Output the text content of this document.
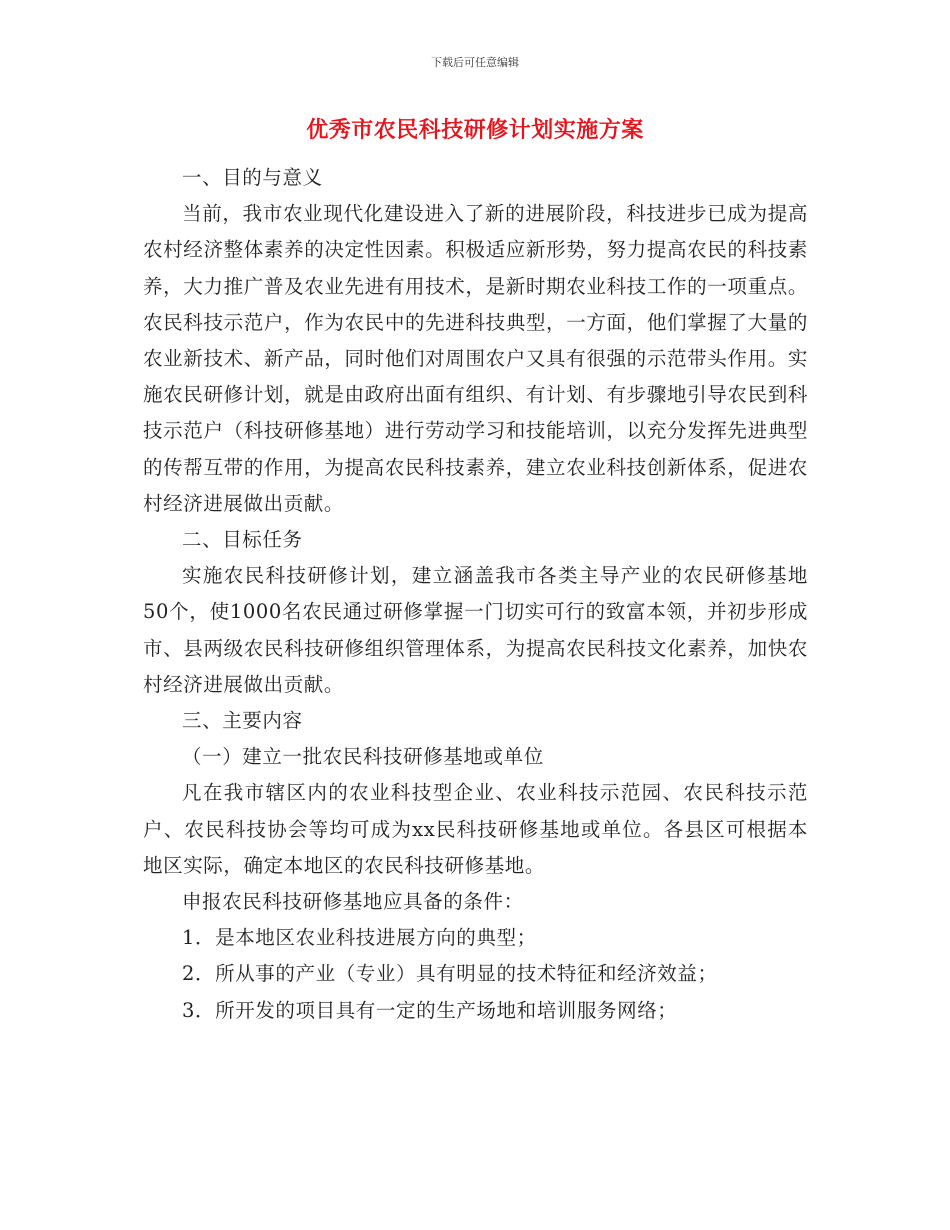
下载后可任意编辑
优秀市农民科技研修计划实施方案

一、目的与意义

当前，我市农业现代化建设进入了新的进展阶段，科技进步已成为提高农村经济整体素养的决定性因素。积极适应新形势，努力提高农民的科技素养，大力推广普及农业先进有用技术，是新时期农业科技工作的一项重点。农民科技示范户，作为农民中的先进科技典型，一方面，他们掌握了大量的农业新技术、新产品，同时他们对周围农户又具有很强的示范带头作用。实施农民研修计划，就是由政府出面有组织、有计划、有步骤地引导农民到科技示范户（科技研修基地）进行劳动学习和技能培训，以充分发挥先进典型的传帮互带的作用，为提高农民科技素养，建立农业科技创新体系，促进农村经济进展做出贡献。

二、目标任务

实施农民科技研修计划，建立涵盖我市各类主导产业的农民研修基地50个，使1000名农民通过研修掌握一门切实可行的致富本领，并初步形成市、县两级农民科技研修组织管理体系，为提高农民科技文化素养，加快农村经济进展做出贡献。

三、主要内容

（一）建立一批农民科技研修基地或单位

凡在我市辖区内的农业科技型企业、农业科技示范园、农民科技示范户、农民科技协会等均可成为xx民科技研修基地或单位。各县区可根据本地区实际，确定本地区的农民科技研修基地。

申报农民科技研修基地应具备的条件：

1．是本地区农业科技进展方向的典型；

2．所从事的产业（专业）具有明显的技术特征和经济效益；

3．所开发的项目具有一定的生产场地和培训服务网络；
